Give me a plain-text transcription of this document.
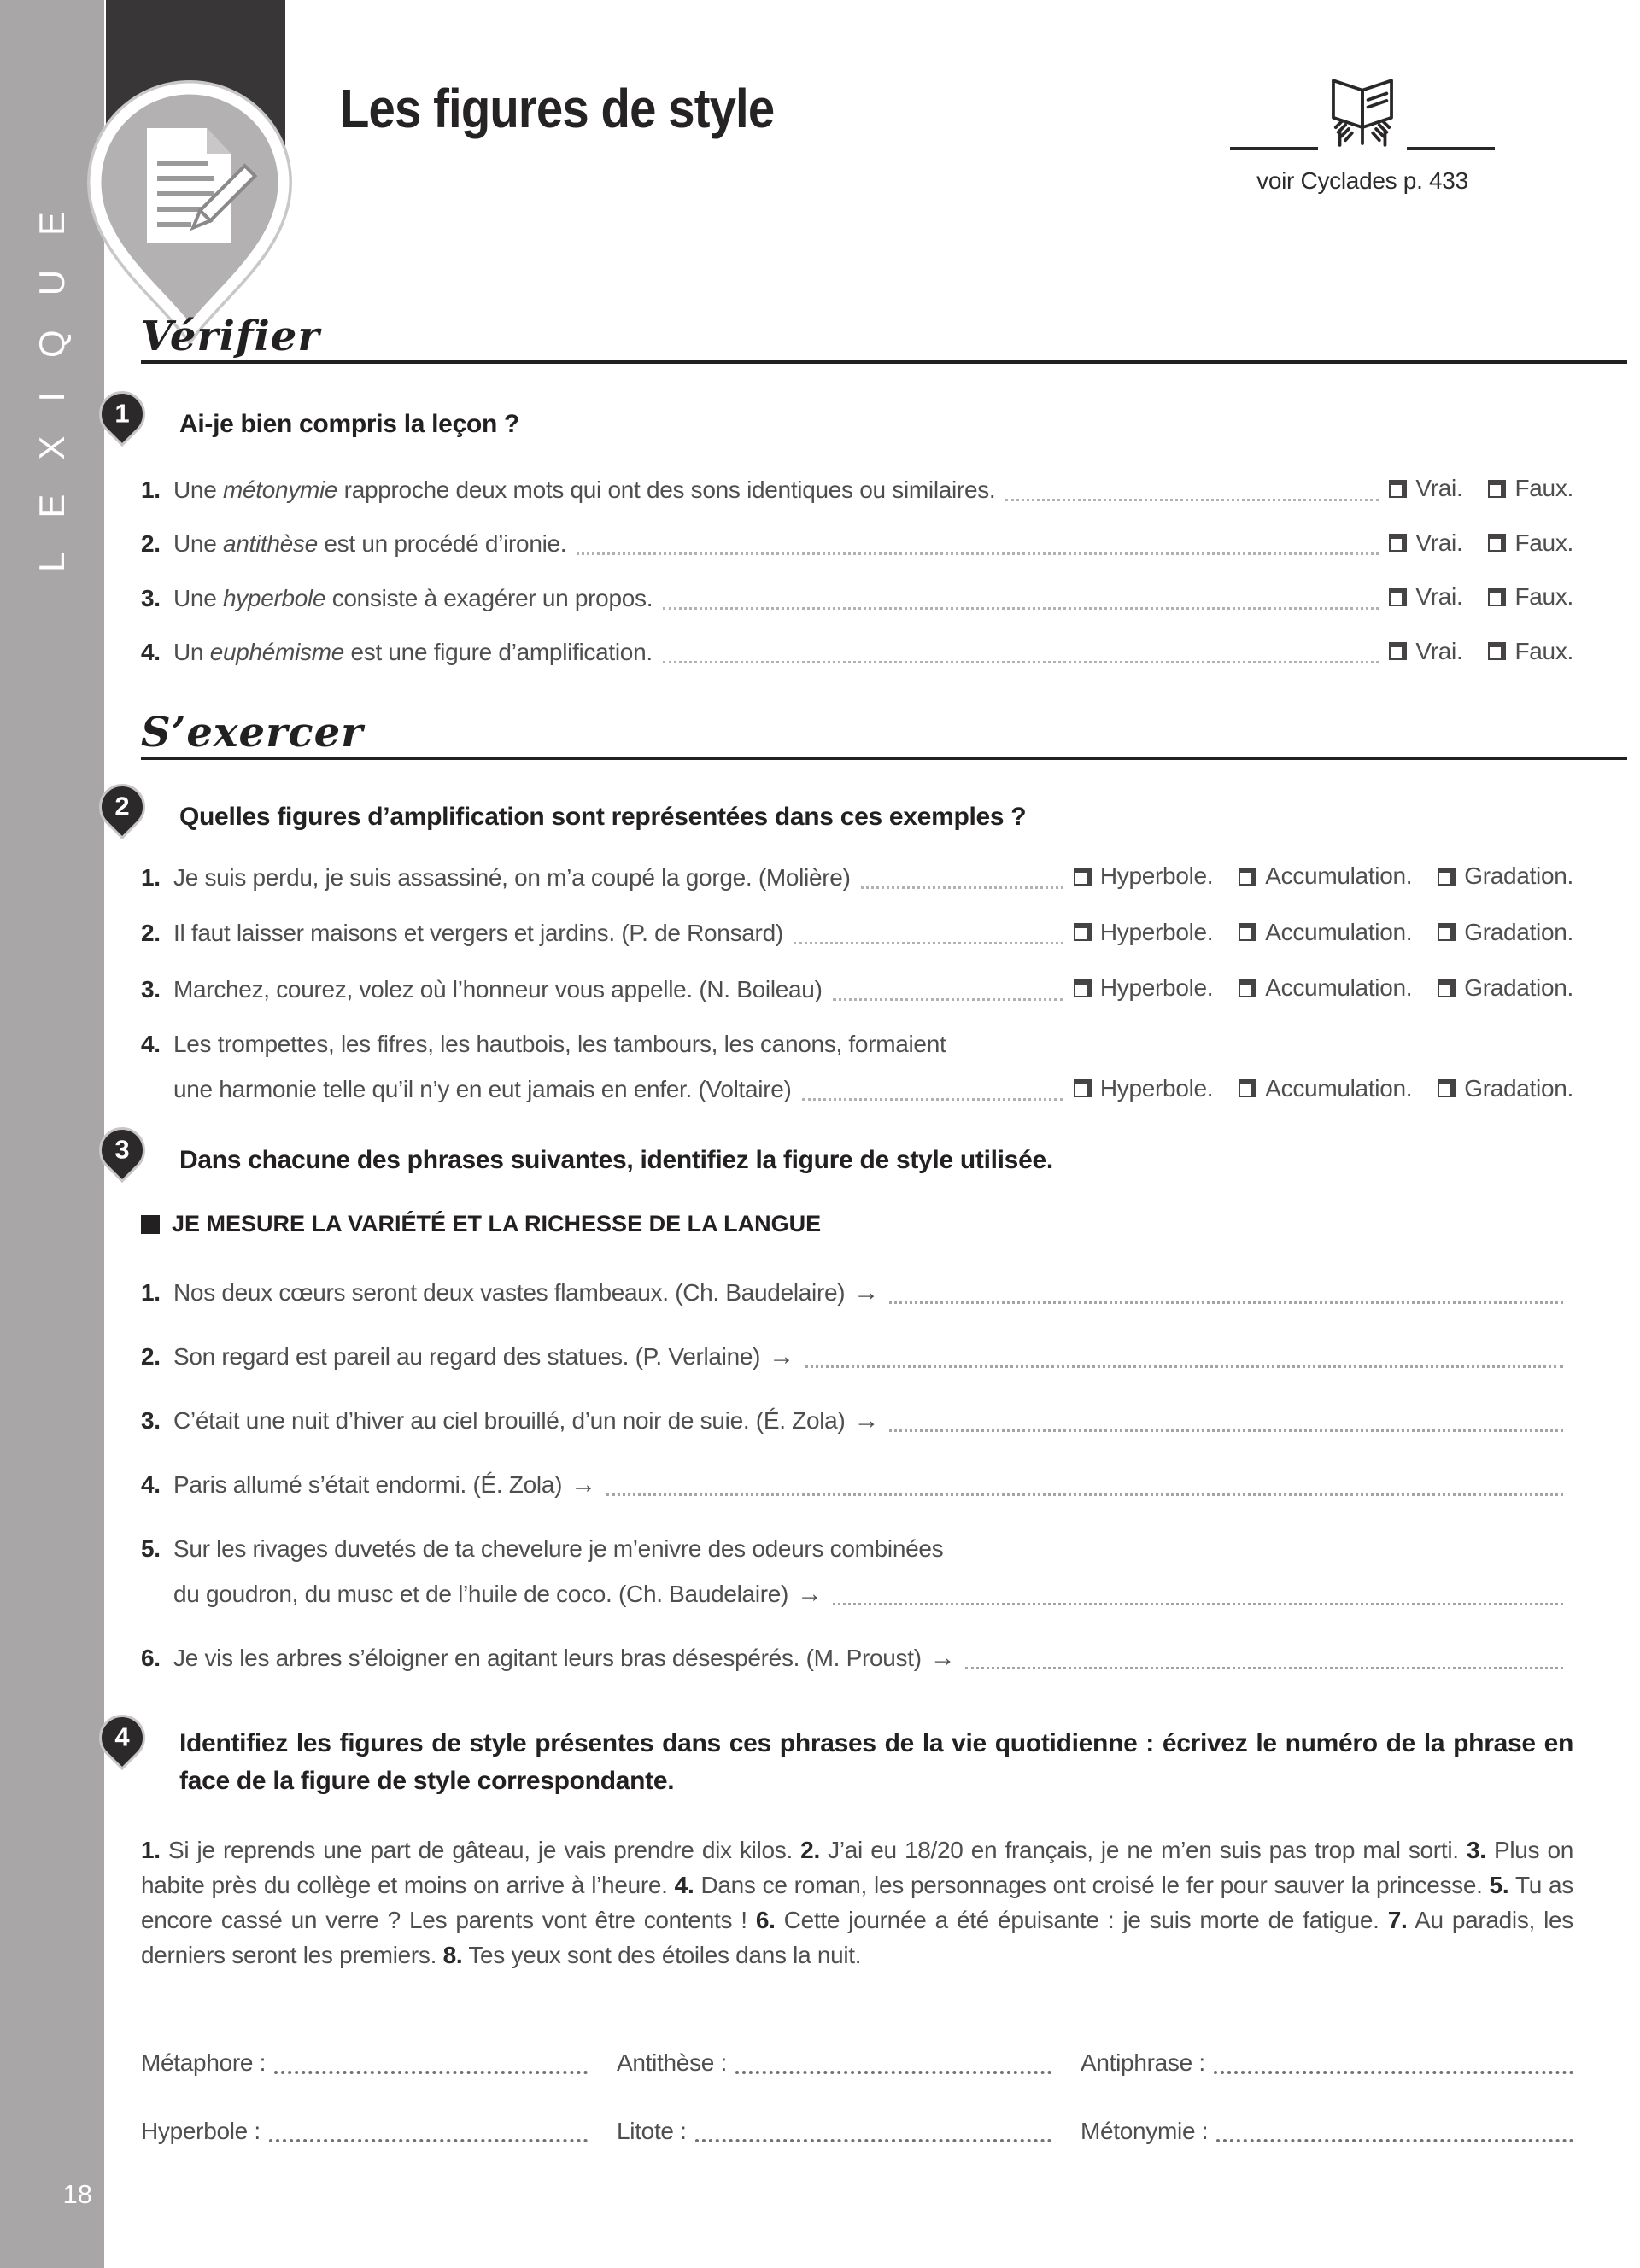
LEXIQUE
18
Les figures de style
voir Cyclades p. 433
Vérifier
1 Ai-je bien compris la leçon ?
1. Une métonymie rapproche deux mots qui ont des sons identiques ou similaires.	Vrai. Faux.
2. Une antithèse est un procédé d’ironie.	Vrai. Faux.
3. Une hyperbole consiste à exagérer un propos.	Vrai. Faux.
4. Un euphémisme est une figure d’amplification.	Vrai. Faux.
S’exercer
2 Quelles figures d’amplification sont représentées dans ces exemples ?
1. Je suis perdu, je suis assassiné, on m’a coupé la gorge. (Molière)	Hyperbole. Accumulation. Gradation.
2. Il faut laisser maisons et vergers et jardins. (P. de Ronsard)	Hyperbole. Accumulation. Gradation.
3. Marchez, courez, volez où l’honneur vous appelle. (N. Boileau)	Hyperbole. Accumulation. Gradation.
4. Les trompettes, les fifres, les hautbois, les tambours, les canons, formaient
une harmonie telle qu’il n’y en eut jamais en enfer. (Voltaire)	Hyperbole. Accumulation. Gradation.
3 Dans chacune des phrases suivantes, identifiez la figure de style utilisée.
JE MESURE LA VARIÉTÉ ET LA RICHESSE DE LA LANGUE
1. Nos deux cœurs seront deux vastes flambeaux. (Ch. Baudelaire) →
2. Son regard est pareil au regard des statues. (P. Verlaine) →
3. C’était une nuit d’hiver au ciel brouillé, d’un noir de suie. (É. Zola) →
4. Paris allumé s’était endormi. (É. Zola) →
5. Sur les rivages duvetés de ta chevelure je m’enivre des odeurs combinées
du goudron, du musc et de l’huile de coco. (Ch. Baudelaire) →
6. Je vis les arbres s’éloigner en agitant leurs bras désespérés. (M. Proust) →
4 Identifiez les figures de style présentes dans ces phrases de la vie quotidienne : écrivez le numéro de la phrase en face de la figure de style correspondante.

1. Si je reprends une part de gâteau, je vais prendre dix kilos. 2. J’ai eu 18/20 en français, je ne m’en suis pas trop mal sorti. 3. Plus on habite près du collège et moins on arrive à l’heure. 4. Dans ce roman, les personnages ont croisé le fer pour sauver la princesse. 5. Tu as encore cassé un verre ? Les parents vont être contents ! 6. Cette journée a été épuisante : je suis morte de fatigue. 7. Au paradis, les derniers seront les premiers. 8. Tes yeux sont des étoiles dans la nuit.

Métaphore :	Antithèse :	Antiphrase :
Hyperbole :	Litote :	Métonymie :
